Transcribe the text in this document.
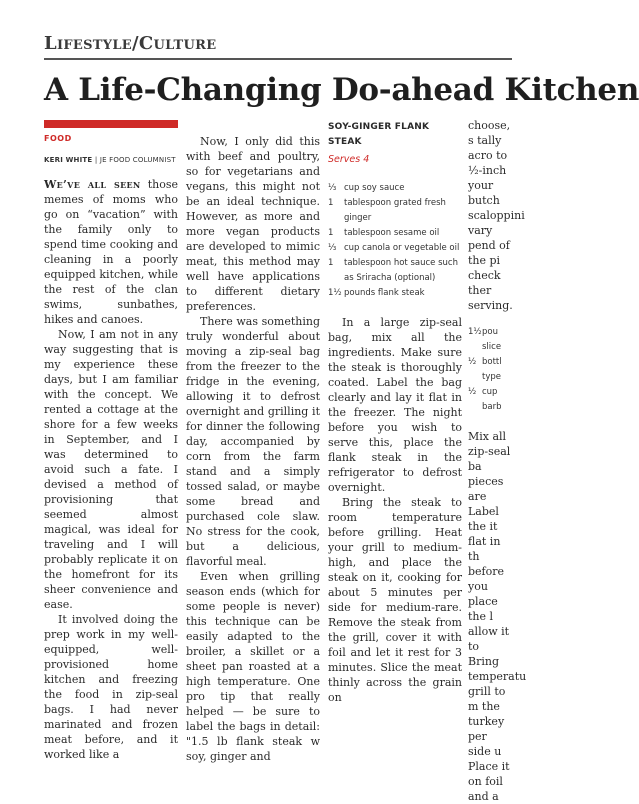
Lifestyle/Culture
A Life-Changing Do-ahead Kitchen
FOOD
KERI WHITE | JE FOOD COLUMNIST

We’ve all seen those memes of moms who go on “vacation” with the family only to spend time cooking and cleaning in a poorly equipped kitchen, while the rest of the clan swims, sunbathes, hikes and canoes.

Now, I am not in any way suggesting that is my experience these days, but I am familiar with the concept. We rented a cottage at the shore for a few weeks in September, and I was determined to avoid such a fate. I devised a method of provisioning that seemed almost magical, was ideal for traveling and I will probably replicate it on the homefront for its sheer convenience and ease.

It involved doing the prep work in my well-equipped, well-provisioned home kitchen and freezing the food in zip-seal bags. I had never marinated and frozen meat before, and it worked like a

Now, I only did this with beef and poultry, so for vegetarians and vegans, this might not be an ideal technique. However, as more and more vegan products are developed to mimic meat, this method may well have applications to different dietary preferences.

There was something truly wonderful about moving a zip-seal bag from the freezer to the fridge in the evening, allowing it to defrost overnight and grilling it for dinner the following day, accompanied by corn from the farm stand and a simply tossed salad, or maybe some bread and purchased cole slaw. No stress for the cook, but a delicious, flavorful meal.

Even when grilling season ends (which for some people is never) this technique can be easily adapted to the broiler, a skillet or a sheet pan roasted at a high temperature. One pro tip that really helped — be sure to label the bags in detail: "1.5 lb flank steak w soy, ginger and

SOY-GINGER FLANK STEAK
Serves 4
⅓ cup soy sauce
1	tablespoon grated fresh ginger
1	tablespoon sesame oil
⅓ cup canola or vegetable oil
1	tablespoon hot sauce such as Sriracha (optional)
1½ pounds flank steak

In a large zip-seal bag, mix all the ingredients. Make sure the steak is thoroughly coated. Label the bag clearly and lay it flat in the freezer. The night before you wish to serve this, place the flank steak in the refrigerator to defrost overnight.

Bring the steak to room temperature before grilling. Heat your grill to medium-high, and place the steak on it, cooking for about 5 minutes per side for medium-rare. Remove the steak from the grill, cover it with foil and let it rest for 3 minutes. Slice the meat thinly across the grain on

choose, s tally acro to ½-inch your butch scaloppini vary pend of the pi check ther serving.

1½ pou slice
½ bottl type
½ cup barb

Mix all zip-seal ba pieces are Label the it flat in th before you place the l allow it to

Bring temperatu grill to m the turkey per side u Place it on foil and a
